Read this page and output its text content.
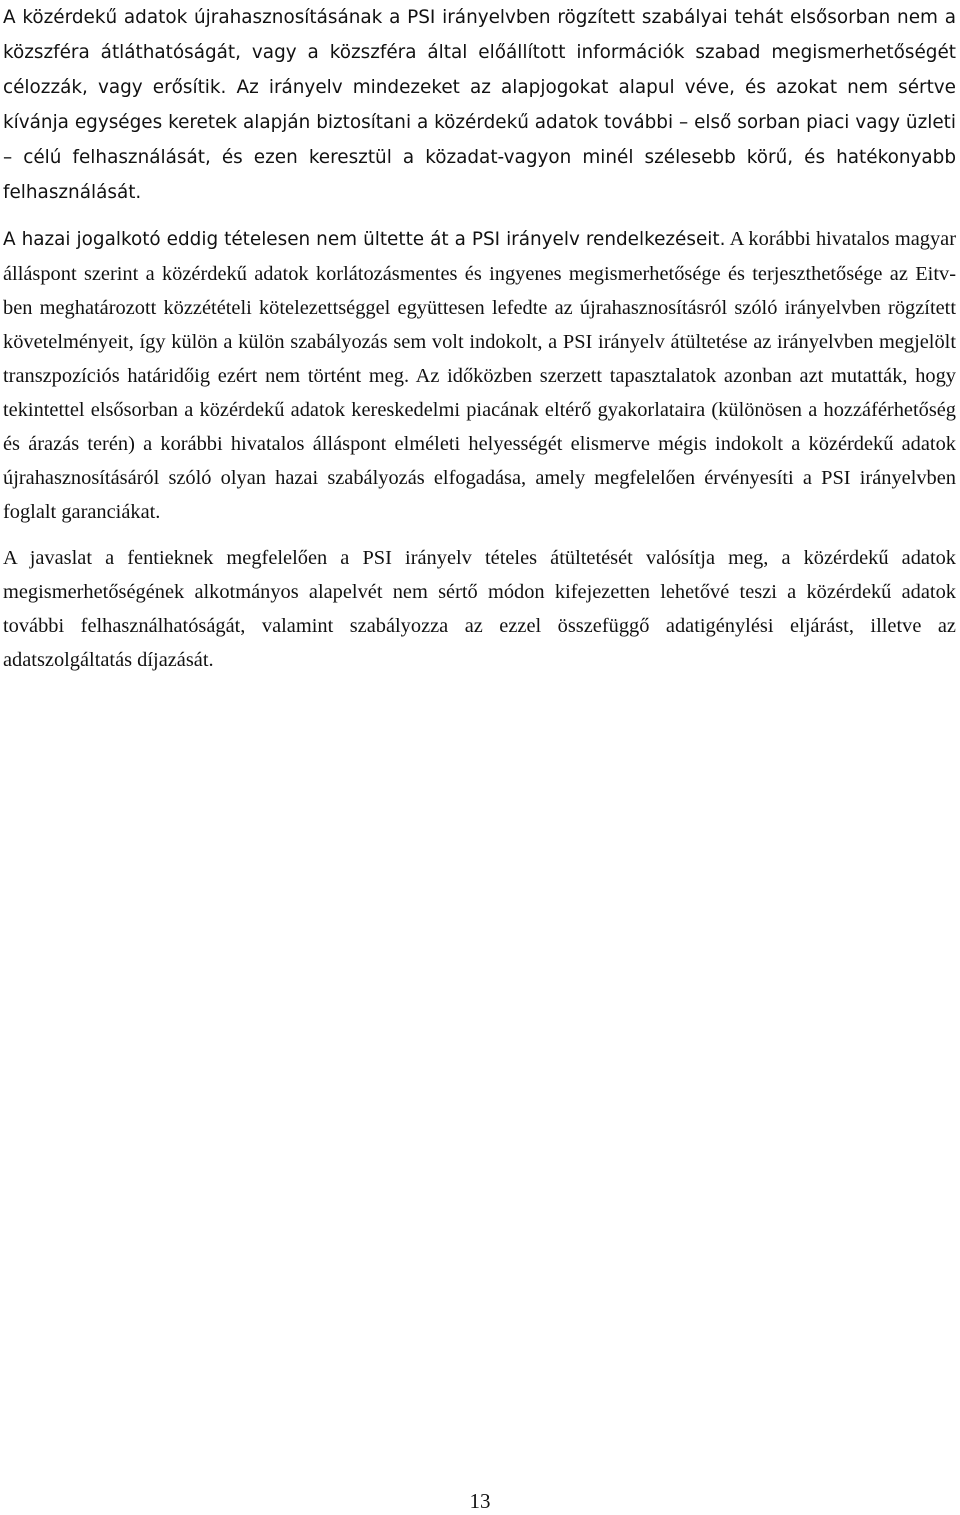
A közérdekű adatok újrahasznosításának a PSI irányelvben rögzített szabályai tehát elsősorban nem a közszféra átláthatóságát, vagy a közszféra által előállított információk szabad megismerhetőségét célozzák, vagy erősítik. Az irányelv mindezeket az alapjogokat alapul véve, és azokat nem sértve kívánja egységes keretek alapján biztosítani a közérdekű adatok további – első sorban piaci vagy üzleti – célú felhasználását, és ezen keresztül a közadat-vagyon minél szélesebb körű, és hatékonyabb felhasználását.

A hazai jogalkotó eddig tételesen nem ültette át a PSI irányelv rendelkezéseit. A korábbi hivatalos magyar álláspont szerint a közérdekű adatok korlátozásmentes és ingyenes megismerhetősége és terjeszthetősége az Eitv-ben meghatározott közzétételi kötelezettséggel együttesen lefedte az újrahasznosításról szóló irányelvben rögzített követelményeit, így külön a külön szabályozás sem volt indokolt, a PSI irányelv átültetése az irányelvben megjelölt transzpozíciós határidőig ezért nem történt meg. Az időközben szerzett tapasztalatok azonban azt mutatták, hogy tekintettel elsősorban a közérdekű adatok kereskedelmi piacának eltérő gyakorlataira (különösen a hozzáférhetőség és árazás terén) a korábbi hivatalos álláspont elméleti helyességét elismerve mégis indokolt a közérdekű adatok újrahasznosításáról szóló olyan hazai szabályozás elfogadása, amely megfelelően érvényesíti a PSI irányelvben foglalt garanciákat.

A javaslat a fentieknek megfelelően a PSI irányelv tételes átültetését valósítja meg, a közérdekű adatok megismerhetőségének alkotmányos alapelvét nem sértő módon kifejezetten lehetővé teszi a közérdekű adatok további felhasználhatóságát, valamint szabályozza az ezzel összefüggő adatigénylési eljárást, illetve az adatszolgáltatás díjazását.

13
